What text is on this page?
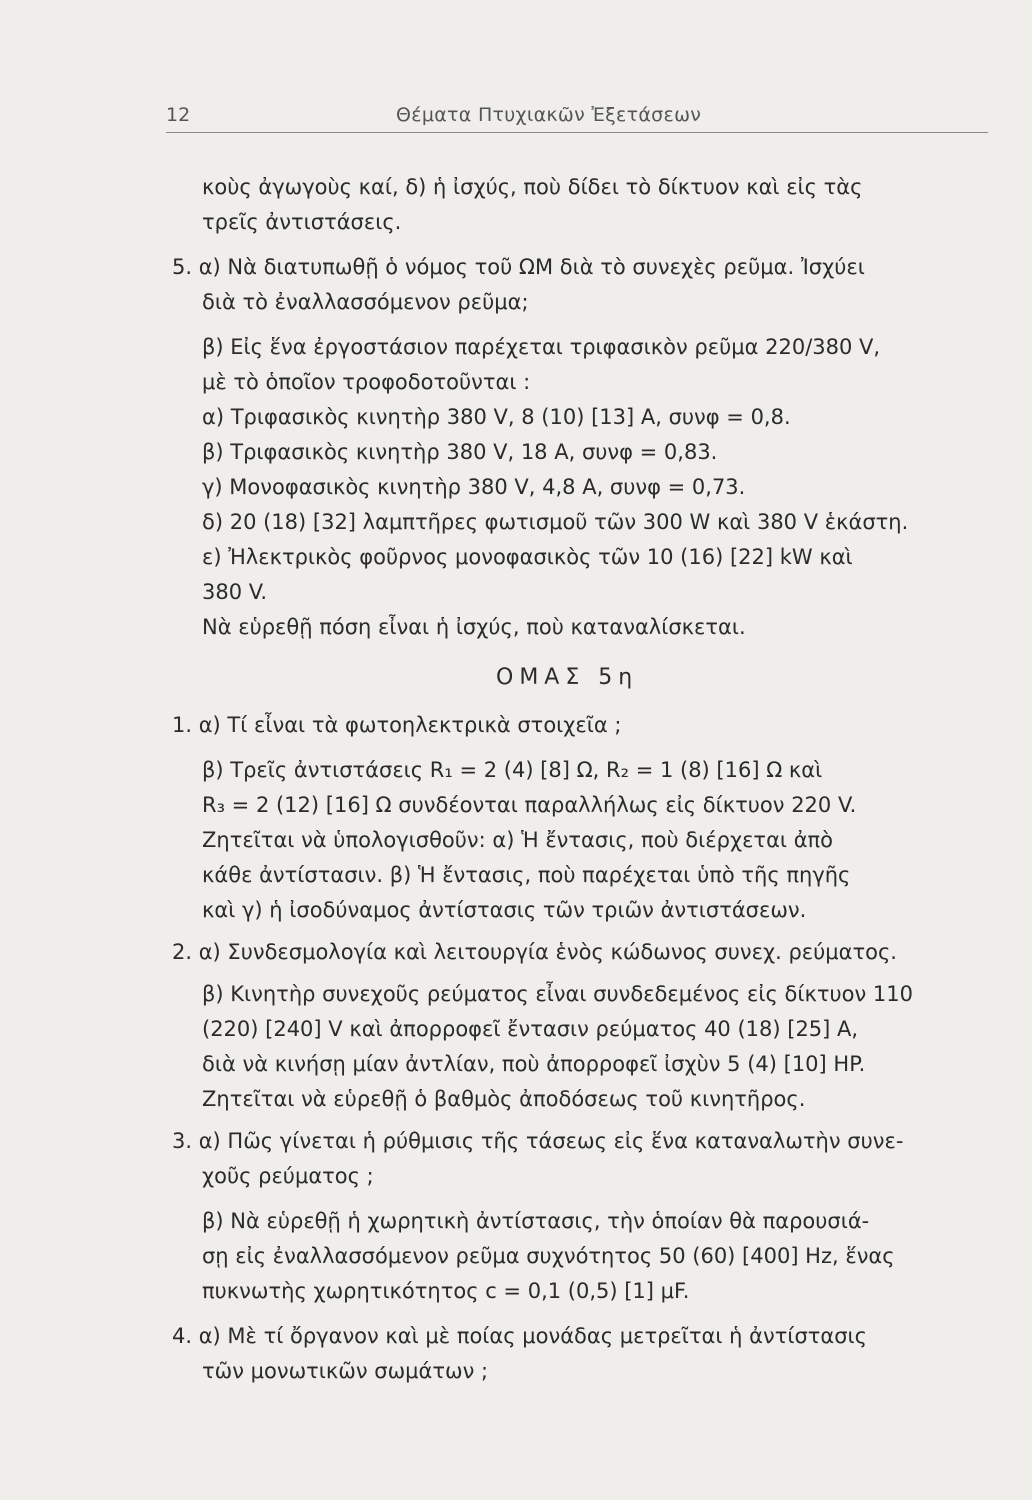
12	Θέματα Πτυχιακῶν Ἐξετάσεων
κοὺς ἀγωγοὺς καί, δ) ἡ ἰσχύς, ποὺ δίδει τὸ δίκτυον καὶ εἰς τὰς
τρεῖς ἀντιστάσεις.
5. α) Νὰ διατυπωθῇ ὁ νόμος τοῦ ΩΜ διὰ τὸ συνεχὲς ρεῦμα. Ἰσχύει
διὰ τὸ ἐναλλασσόμενον ρεῦμα;
β) Εἰς ἕνα ἐργοστάσιον παρέχεται τριφασικὸν ρεῦμα 220/380 V,
μὲ τὸ ὁποῖον τροφοδοτοῦνται :
α) Τριφασικὸς κινητὴρ 380 V, 8 (10) [13] A, συνφ = 0,8.
β) Τριφασικὸς κινητὴρ 380 V, 18 A, συνφ = 0,83.
γ) Μονοφασικὸς κινητὴρ 380 V, 4,8 A, συνφ = 0,73.
δ) 20 (18) [32] λαμπτῆρες φωτισμοῦ τῶν 300 W καὶ 380 V ἑκάστη.
ε) Ἠλεκτρικὸς φοῦρνος μονοφασικὸς τῶν 10 (16) [22] kW καὶ
380 V.
Νὰ εὑρεθῇ πόση εἶναι ἡ ἰσχύς, ποὺ καταναλίσκεται.
ΟΜΑΣ 5η
1. α) Τί εἶναι τὰ φωτοηλεκτρικὰ στοιχεῖα ;
β) Τρεῖς ἀντιστάσεις R₁ = 2 (4) [8] Ω, R₂ = 1 (8) [16] Ω καὶ
R₃ = 2 (12) [16] Ω συνδέονται παραλλήλως εἰς δίκτυον 220 V.
Ζητεῖται νὰ ὑπολογισθοῦν: α) Ἡ ἔντασις, ποὺ διέρχεται ἀπὸ
κάθε ἀντίστασιν. β) Ἡ ἔντασις, ποὺ παρέχεται ὑπὸ τῆς πηγῆς
καὶ γ) ἡ ἰσοδύναμος ἀντίστασις τῶν τριῶν ἀντιστάσεων.
2. α) Συνδεσμολογία καὶ λειτουργία ἑνὸς κώδωνος συνεχ. ρεύματος.
β) Κινητὴρ συνεχοῦς ρεύματος εἶναι συνδεδεμένος εἰς δίκτυον 110
(220) [240] V καὶ ἀπορροφεῖ ἔντασιν ρεύματος 40 (18) [25] A,
διὰ νὰ κινήσῃ μίαν ἀντλίαν, ποὺ ἀπορροφεῖ ἰσχὺν 5 (4) [10] HP.
Ζητεῖται νὰ εὑρεθῇ ὁ βαθμὸς ἀποδόσεως τοῦ κινητῆρος.
3. α) Πῶς γίνεται ἡ ρύθμισις τῆς τάσεως εἰς ἕνα καταναλωτὴν συνε-
χοῦς ρεύματος ;
β) Νὰ εὑρεθῇ ἡ χωρητικὴ ἀντίστασις, τὴν ὁποίαν θὰ παρουσιά-
σῃ εἰς ἐναλλασσόμενον ρεῦμα συχνότητος 50 (60) [400] Hz, ἕνας
πυκνωτὴς χωρητικότητος c = 0,1 (0,5) [1] μF.
4. α) Μὲ τί ὄργανον καὶ μὲ ποίας μονάδας μετρεῖται ἡ ἀντίστασις
τῶν μονωτικῶν σωμάτων ;
